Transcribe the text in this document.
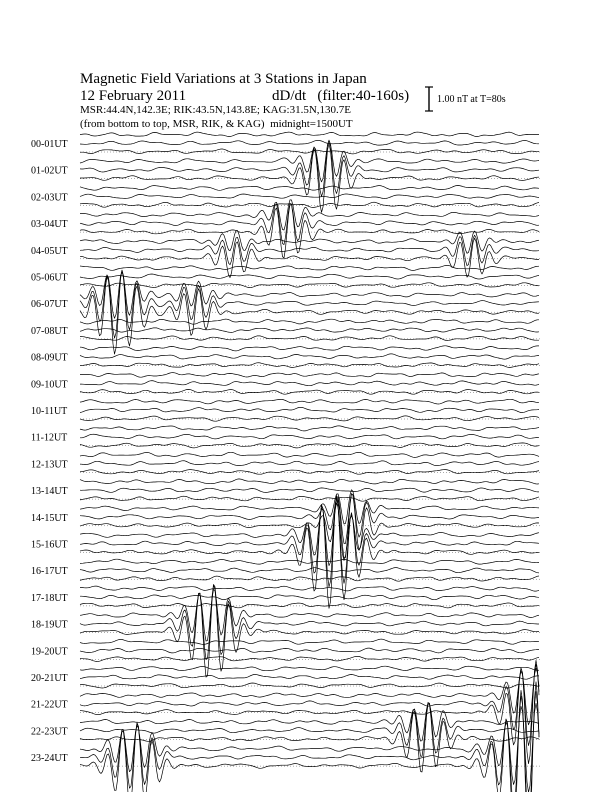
Magnetic Field Variations at 3 Stations in Japan
12 February 2011	dD/dt (filter:40-160s)
MSR:44.4N,142.3E; RIK:43.5N,143.8E; KAG:31.5N,130.7E
(from bottom to top, MSR, RIK, & KAG) midnight=1500UT
1.00 nT at T=80s
00-01UT
01-02UT
02-03UT
03-04UT
04-05UT
05-06UT
06-07UT
07-08UT
08-09UT
09-10UT
10-11UT
11-12UT
12-13UT
13-14UT
14-15UT
15-16UT
16-17UT
17-18UT
18-19UT
19-20UT
20-21UT
21-22UT
22-23UT
23-24UT
